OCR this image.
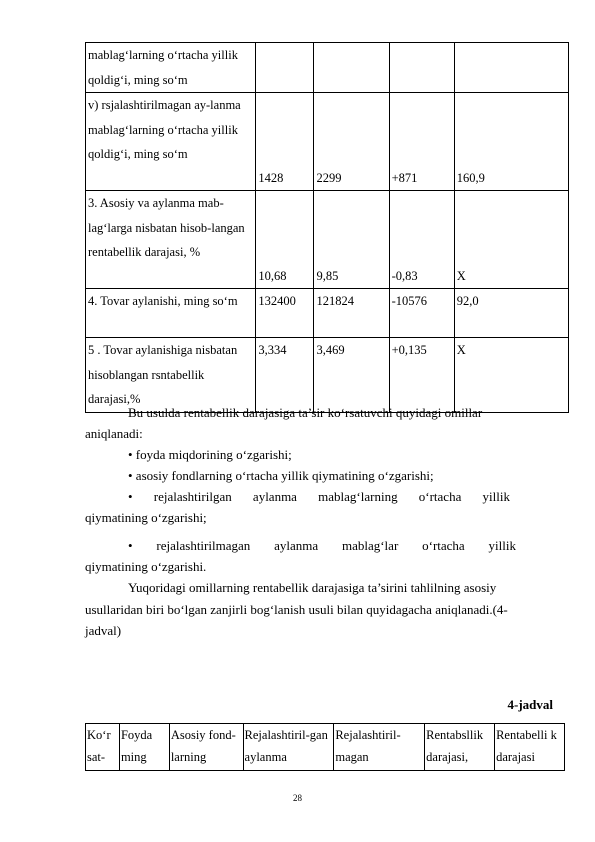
mablag‘larning o‘rtacha yillik qoldig‘i, ming so‘m				
v) rsjalashtirilmagan ay-lanma mablag‘larning o‘rtacha yillik qoldig‘i, ming so‘m	1428	2299	+871	160,9
3. Asosiy va aylanma mab-lag‘larga nisbatan hisob-langan rentabellik darajasi, %	10,68	9,85	-0,83	X
4. Tovar aylanishi, ming so‘m	132400	121824	-10576	92,0
5 . Tovar aylanishiga nisbatan hisoblangan rsntabellik darajasi,%	3,334	3,469	+0,135	X

Bu usulda rentabellik darajasiga ta’sir ko‘rsatuvchi quyidagi omillar

aniqlanadi:

• foyda miqdorining o‘zgarishi;

• asosiy fondlarning o‘rtacha yillik qiymatining o‘zgarishi;

• rejalashtirilgan aylanma mablag‘larning o‘rtacha yillik

qiymatining o‘zgarishi;

• rejalashtirilmagan aylanma mablag‘lar o‘rtacha yillik

qiymatining o‘zgarishi.

Yuqoridagi omillarning rentabellik darajasiga ta’sirini tahlilning asosiy

usullaridan biri bo‘lgan zanjirli bog‘lanish usuli bilan quyidagacha aniqlanadi.(4-

jadval)

4-jadval
Ko‘r sat-	Foyda ming	Asosiy fond-larning	Rejalashtiril-gan aylanma	Rejalashtiril-magan	Rentabsllik darajasi,	Rentabelli k darajasi
28
